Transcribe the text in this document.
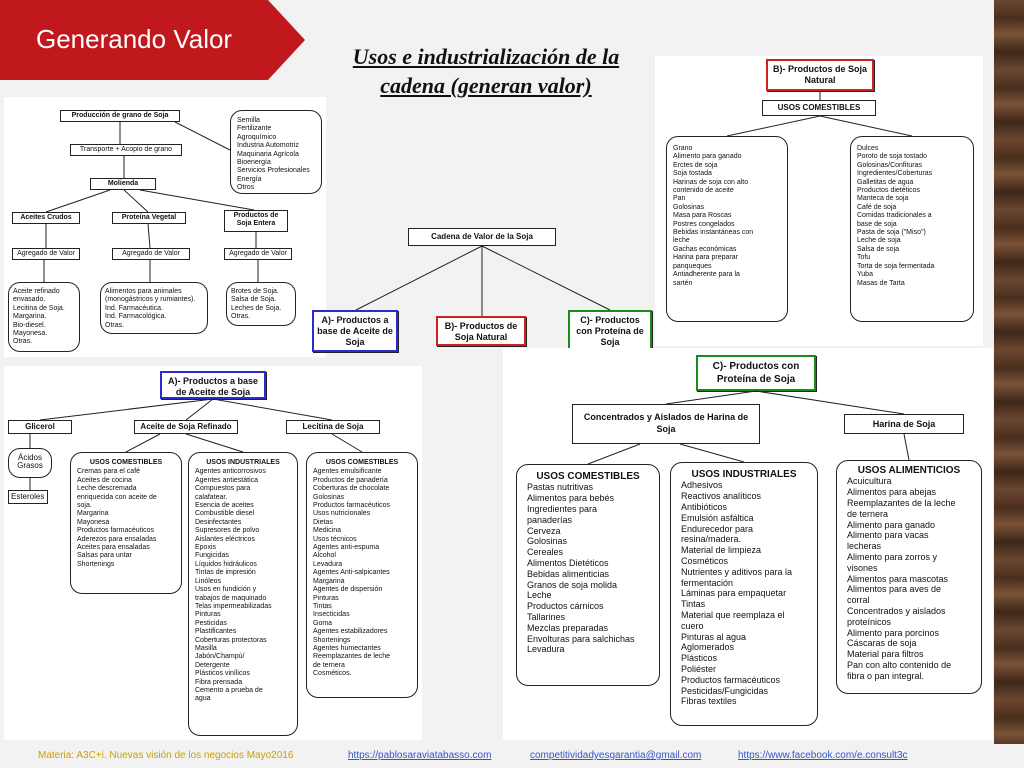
Generando Valor
Usos e industrialización de la cadena (generan valor)
Producción de grano de Soja
Transporte + Acopio de grano
Molienda
Aceites Crudos	Proteína Vegetal	Productos de Soja Entera
Agregado de Valor	Agregado de Valor	Agregado de Valor
Semilla
Fertilizante
Agroquímico
Industria Automotriz
Maquinaria Agrícola
Bioenergía
Servicios Profesionales
Energía
Otros
Aceite refinado
envasado.
Lecitina de Soja.
Margarina.
Bio-diesel.
Mayonesa.
Otras.
Alimentos para animales
(monogástricos y rumiantes).
Ind. Farmacéutica.
Ind. Farmacológica.
Otras.
Brotes de Soja.
Salsa de Soja.
Leches de Soja.
Otras.
Cadena de Valor de la Soja
A)- Productos a base de Aceite de Soja
B)- Productos de Soja Natural
C)- Productos con Proteína de Soja
B)- Productos de Soja Natural
USOS COMESTIBLES
Grano
Alimento para ganado
Erctes de soja
Soja tostada
Harinas de soja con alto
contenido de aceite
Pan
Golosinas
Masa para Roscas
Postres congelados
Bebidas instantáneas con
leche
Gachas económicas
Harina para preparar
panqueques
Antiadherente para la
sartén
Dulces
Poroto de soja tostado
Golosinas/Confituras
Ingredientes/Coberturas
Galletitas de agua
Productos dietéticos
Manteca de soja
Café de soja
Comidas tradicionales a
base de soja
Pasta de soja ("Miso")
Leche de soja
Salsa de soja
Tofu
Torta de soja fermentada
Yuba
Masas de Tarta
A)- Productos a base de Aceite de Soja
Glicerol	Aceite de Soja Refinado	Lecitina de Soja
Ácidos Grasos
Esteroles
USOS COMESTIBLES
Cremas para el café
Aceites de cocina
Leche descremada
enriquecida con aceite de
soja.
Margarina
Mayonesa
Productos farmacéuticos
Aderezos para ensaladas
Aceites para ensaladas
Salsas para untar
Shortenings
USOS INDUSTRIALES
Agentes anticorrosivos
Agentes antiestática
Compuestos para
calafatear.
Esencia de aceites
Combustible diesel
Desinfectantes
Supresores de polvo
Aislantes eléctricos
Epoxis
Fungicidas
Líquidos hidráulicos
Tintas de impresión
Linóleos
Usos en fundición y
trabajos de maquinado
Telas impermeabilizadas
Pinturas
Pesticidas
Plastificantes
Coberturas protectoras
Masilla
Jabón/Champú/
Detergente
Plásticos vinílicos
Fibra prensada
Cemento a prueba de
agua
USOS COMESTIBLES
Agentes emulsificante
Productos de panadería
Coberturas de chocolate
Golosinas
Productos farmacéuticos
Usos nutricionales
Dietas
Medicina
Usos técnicos
Agentes anti-espuma
Alcohol
Levadura
Agentes Anti-salpicantes
Margarina
Agentes de dispersión
Pinturas
Tintas
Insecticidas
Goma
Agentes estabilizadores
Shortenings
Agentes humectantes
Reemplazantes de leche
de ternera
Cosméticos.
C)- Productos con Proteína de Soja
Concentrados y Aislados de Harina de Soja	Harina de Soja
USOS COMESTIBLES
Pastas nutritivas
Alimentos para bebés
Ingredientes para
panaderías
Cerveza
Golosinas
Cereales
Alimentos Dietéticos
Bebidas alimenticias
Granos de soja molida
Leche
Productos cárnicos
Tallarines
Mezclas preparadas
Envolturas para salchichas
Levadura
USOS INDUSTRIALES
Adhesivos
Reactivos analíticos
Antibióticos
Emulsión asfáltica
Endurecedor para
resina/madera.
Material de limpieza
Cosméticos
Nutrientes y aditivos para la
fermentación
Láminas para empaquetar
Tintas
Material que reemplaza el
cuero
Pinturas al agua
Aglomerados
Plásticos
Poliéster
Productos farmacéuticos
Pesticidas/Fungicidas
Fibras textiles
USOS ALIMENTICIOS
Acuicultura
Alimentos para abejas
Reemplazantes de la leche
de ternera
Alimento para ganado
Alimento para vacas
lecheras
Alimento para zorros y
visones
Alimentos para mascotas
Alimentos para aves de
corral
Concentrados y aislados
proteínicos
Alimento para porcinos
Cáscaras de soja
Material para filtros
Pan con alto contenido de
fibra o pan integral.
Materia: A3C+i. Nuevas visión de los negocios Mayo2016	https://pablosaraviatabasso.com	competitividadyesgarantia@gmail.com	https://www.facebook.com/e.consult3c
